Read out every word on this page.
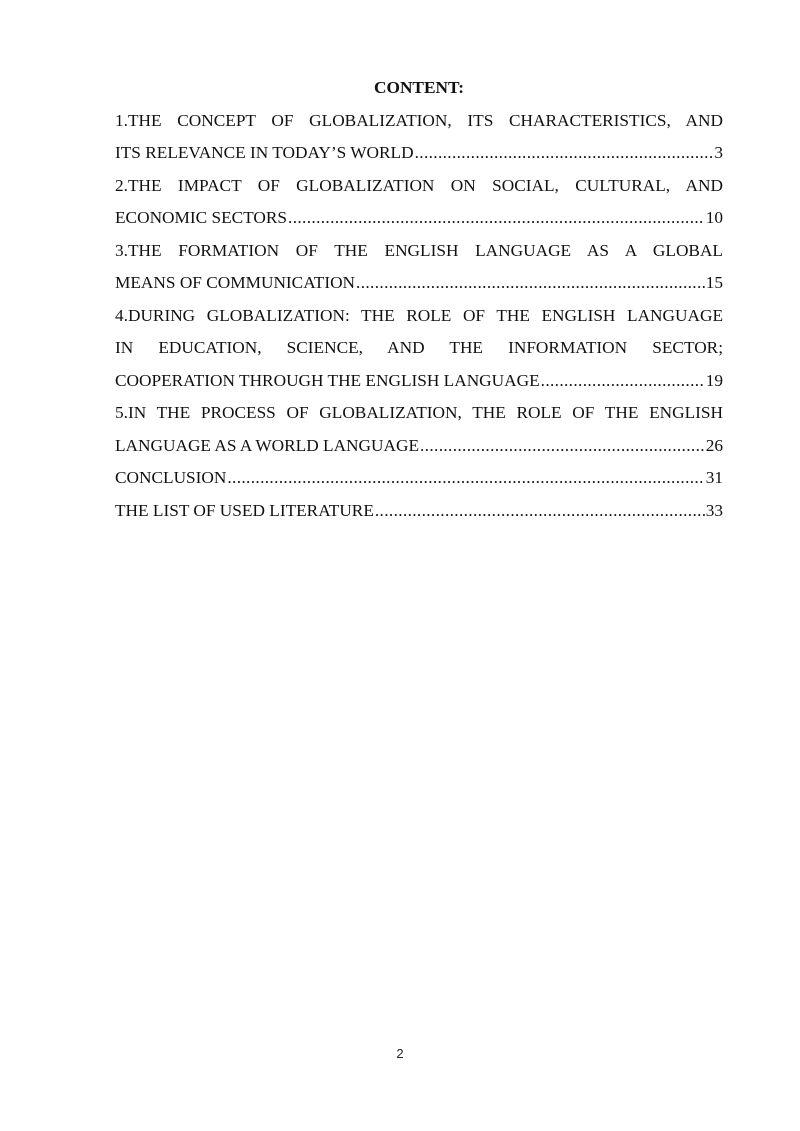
CONTENT:
1.THE CONCEPT OF GLOBALIZATION, ITS CHARACTERISTICS, AND
ITS RELEVANCE IN TODAY’S WORLD .....	3
2.THE IMPACT OF GLOBALIZATION ON SOCIAL, CULTURAL, AND
ECONOMIC SECTORS .....	10
3.THE FORMATION OF THE ENGLISH LANGUAGE AS A GLOBAL
MEANS OF COMMUNICATION .....	15
4.DURING GLOBALIZATION: THE ROLE OF THE ENGLISH LANGUAGE
IN EDUCATION, SCIENCE, AND THE INFORMATION SECTOR;
COOPERATION THROUGH THE ENGLISH LANGUAGE .....	19
5.IN THE PROCESS OF GLOBALIZATION, THE ROLE OF THE ENGLISH
LANGUAGE AS A WORLD LANGUAGE .....	26
CONCLUSION .....	31
THE LIST OF USED LITERATURE .....	33
2
